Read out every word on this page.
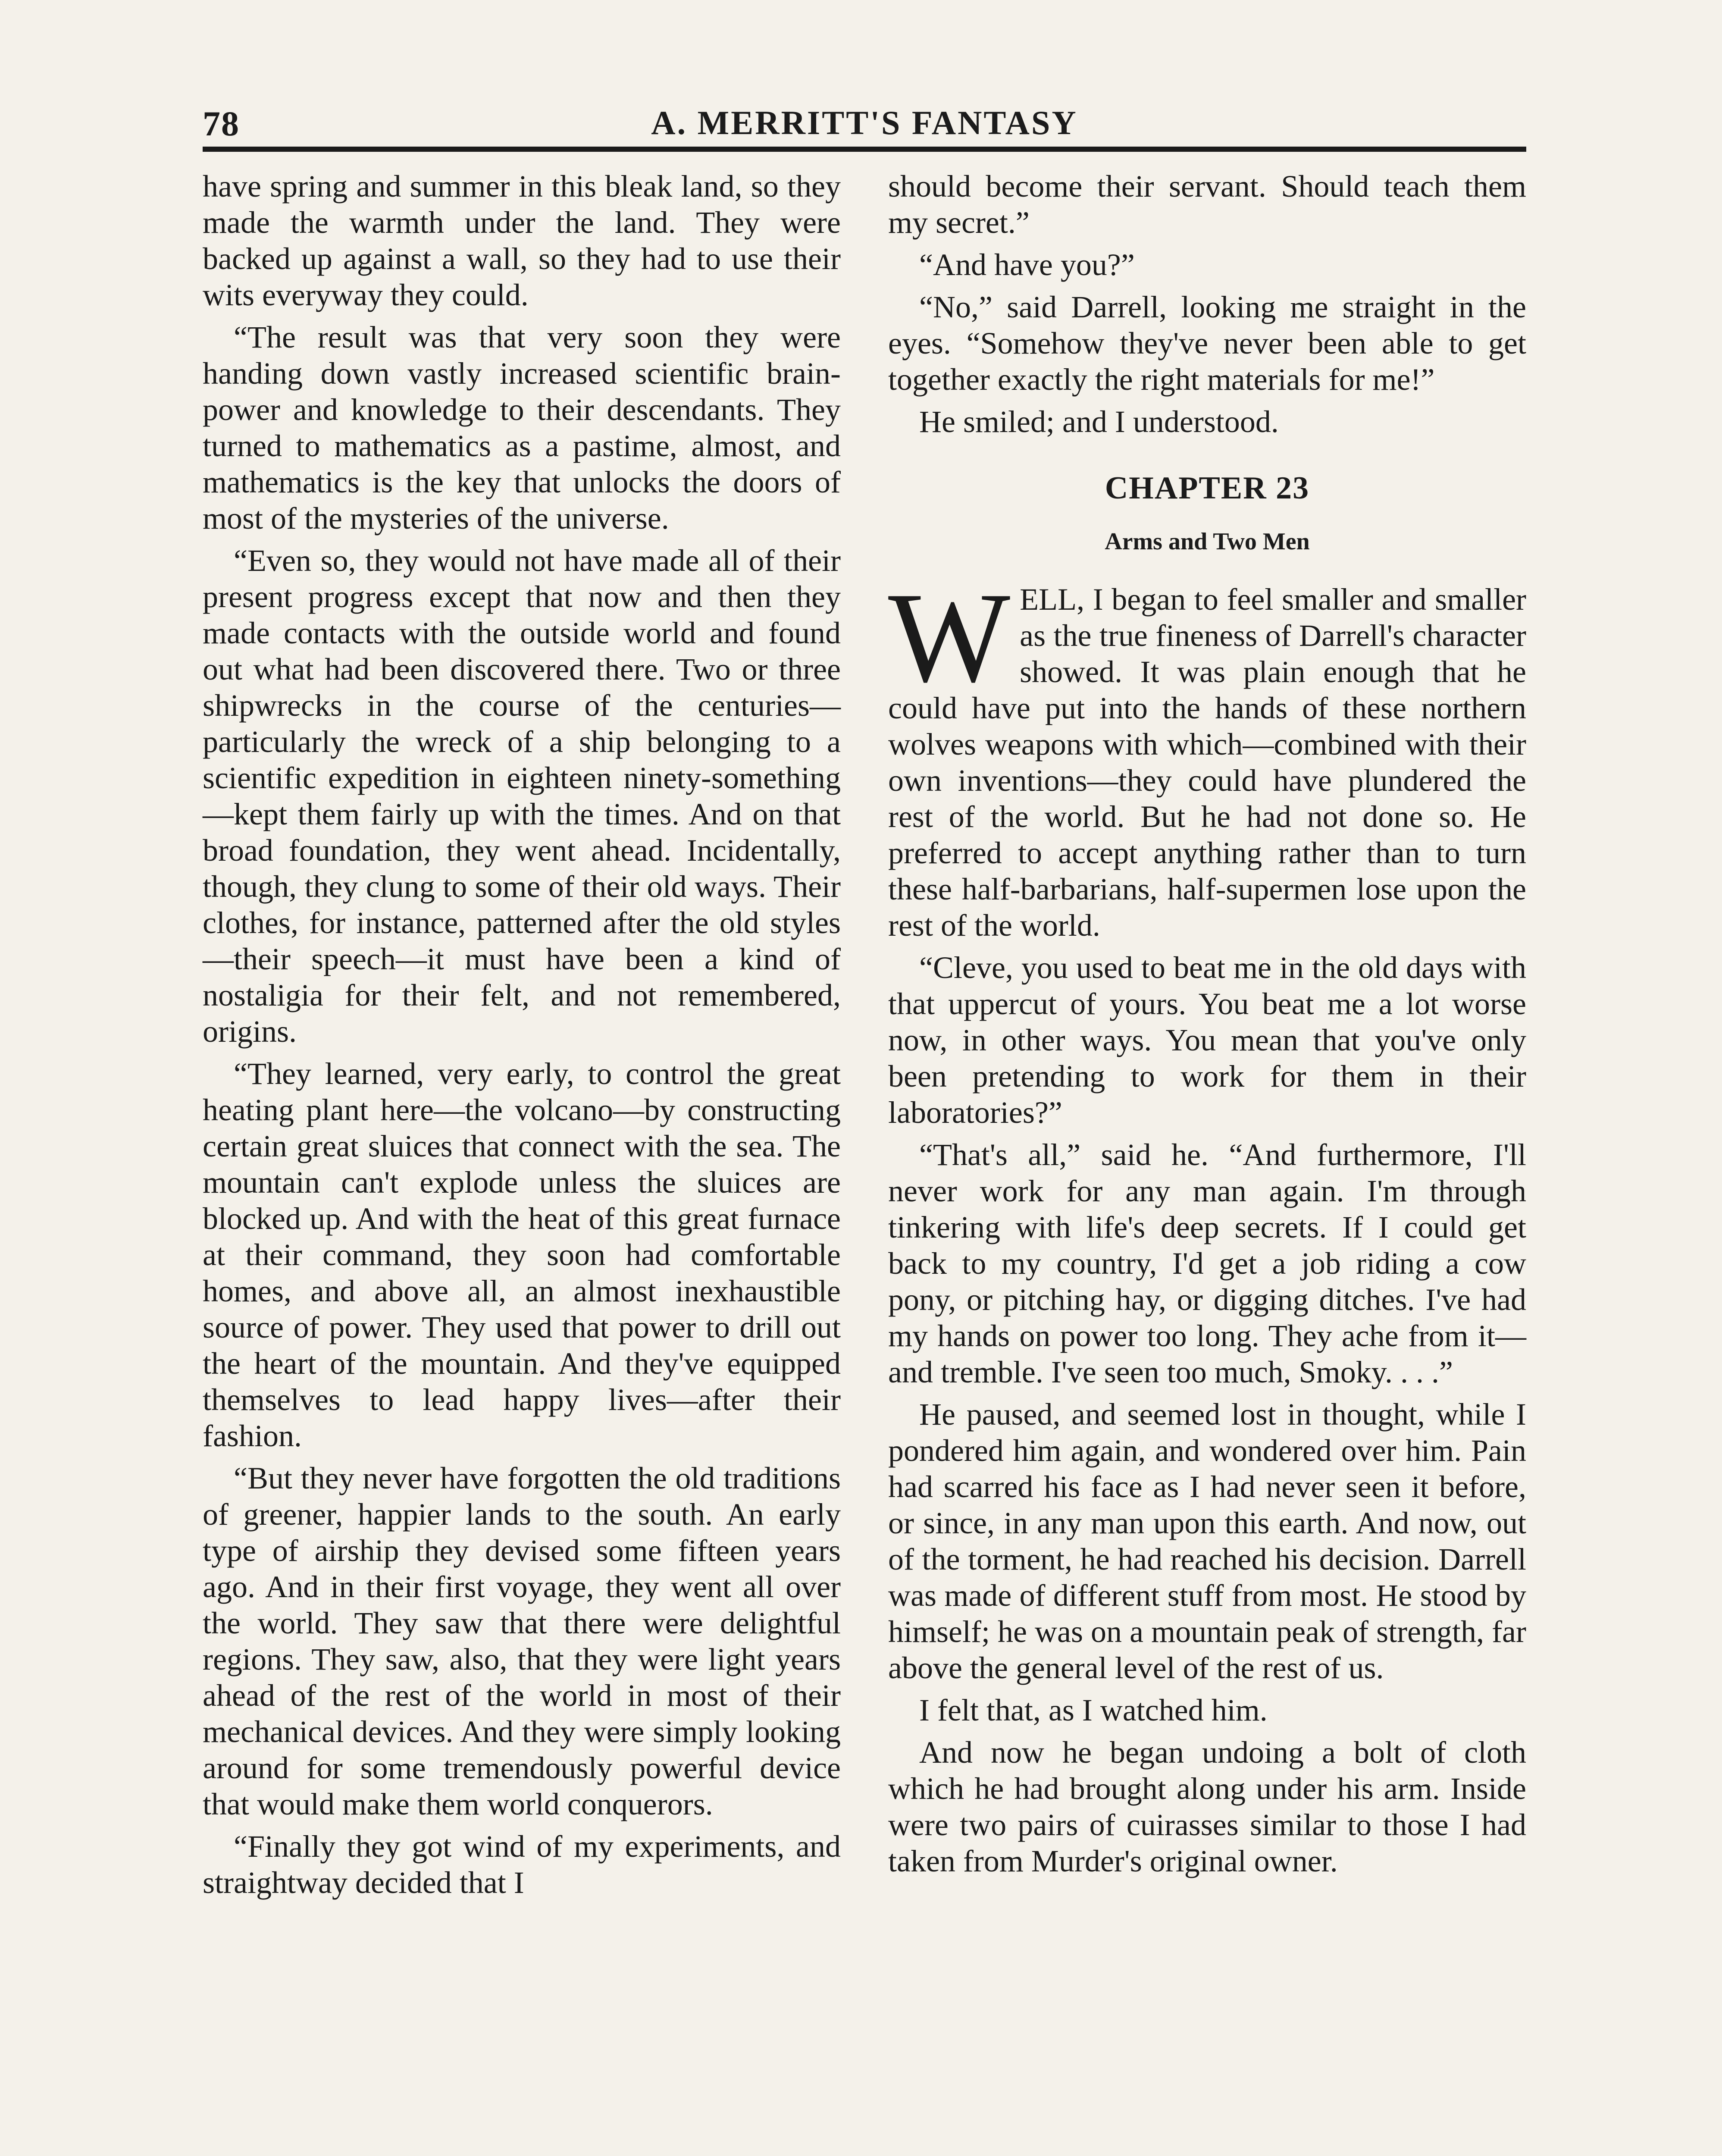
78	A. MERRITT'S FANTASY

have spring and summer in this bleak land, so they made the warmth under the land. They were backed up against a wall, so they had to use their wits everyway they could.

“The result was that very soon they were handing down vastly increased scientific brain-power and knowledge to their descendants. They turned to mathematics as a pastime, almost, and mathematics is the key that unlocks the doors of most of the mysteries of the universe.

“Even so, they would not have made all of their present progress except that now and then they made contacts with the outside world and found out what had been discovered there. Two or three shipwrecks in the course of the centuries—particularly the wreck of a ship belonging to a scientific expedition in eighteen ninety-something—kept them fairly up with the times. And on that broad foundation, they went ahead. Incidentally, though, they clung to some of their old ways. Their clothes, for instance, patterned after the old styles—their speech—it must have been a kind of nostaligia for their felt, and not remembered, origins.

“They learned, very early, to control the great heating plant here—the volcano—by constructing certain great sluices that connect with the sea. The mountain can't explode unless the sluices are blocked up. And with the heat of this great furnace at their command, they soon had comfortable homes, and above all, an almost inexhaustible source of power. They used that power to drill out the heart of the mountain. And they've equipped themselves to lead happy lives—after their fashion.

“But they never have forgotten the old traditions of greener, happier lands to the south. An early type of airship they devised some fifteen years ago. And in their first voyage, they went all over the world. They saw that there were delightful regions. They saw, also, that they were light years ahead of the rest of the world in most of their mechanical devices. And they were simply looking around for some tremendously powerful device that would make them world conquerors.

“Finally they got wind of my experiments, and straightway decided that I

should become their servant. Should teach them my secret.”

“And have you?”

“No,” said Darrell, looking me straight in the eyes. “Somehow they've never been able to get together exactly the right materials for me!”

He smiled; and I understood.

CHAPTER 23
Arms and Two Men

WELL, I began to feel smaller and smaller as the true fineness of Darrell's character showed. It was plain enough that he could have put into the hands of these northern wolves weapons with which—combined with their own inventions—they could have plundered the rest of the world. But he had not done so. He preferred to accept anything rather than to turn these half-barbarians, half-supermen lose upon the rest of the world.

“Cleve, you used to beat me in the old days with that uppercut of yours. You beat me a lot worse now, in other ways. You mean that you've only been pretending to work for them in their laboratories?”

“That's all,” said he. “And furthermore, I'll never work for any man again. I'm through tinkering with life's deep secrets. If I could get back to my country, I'd get a job riding a cow pony, or pitching hay, or digging ditches. I've had my hands on power too long. They ache from it—and tremble. I've seen too much, Smoky. . . .”

He paused, and seemed lost in thought, while I pondered him again, and wondered over him. Pain had scarred his face as I had never seen it before, or since, in any man upon this earth. And now, out of the torment, he had reached his decision. Darrell was made of different stuff from most. He stood by himself; he was on a mountain peak of strength, far above the general level of the rest of us.

I felt that, as I watched him.

And now he began undoing a bolt of cloth which he had brought along under his arm. Inside were two pairs of cuirasses similar to those I had taken from Murder's original owner.
